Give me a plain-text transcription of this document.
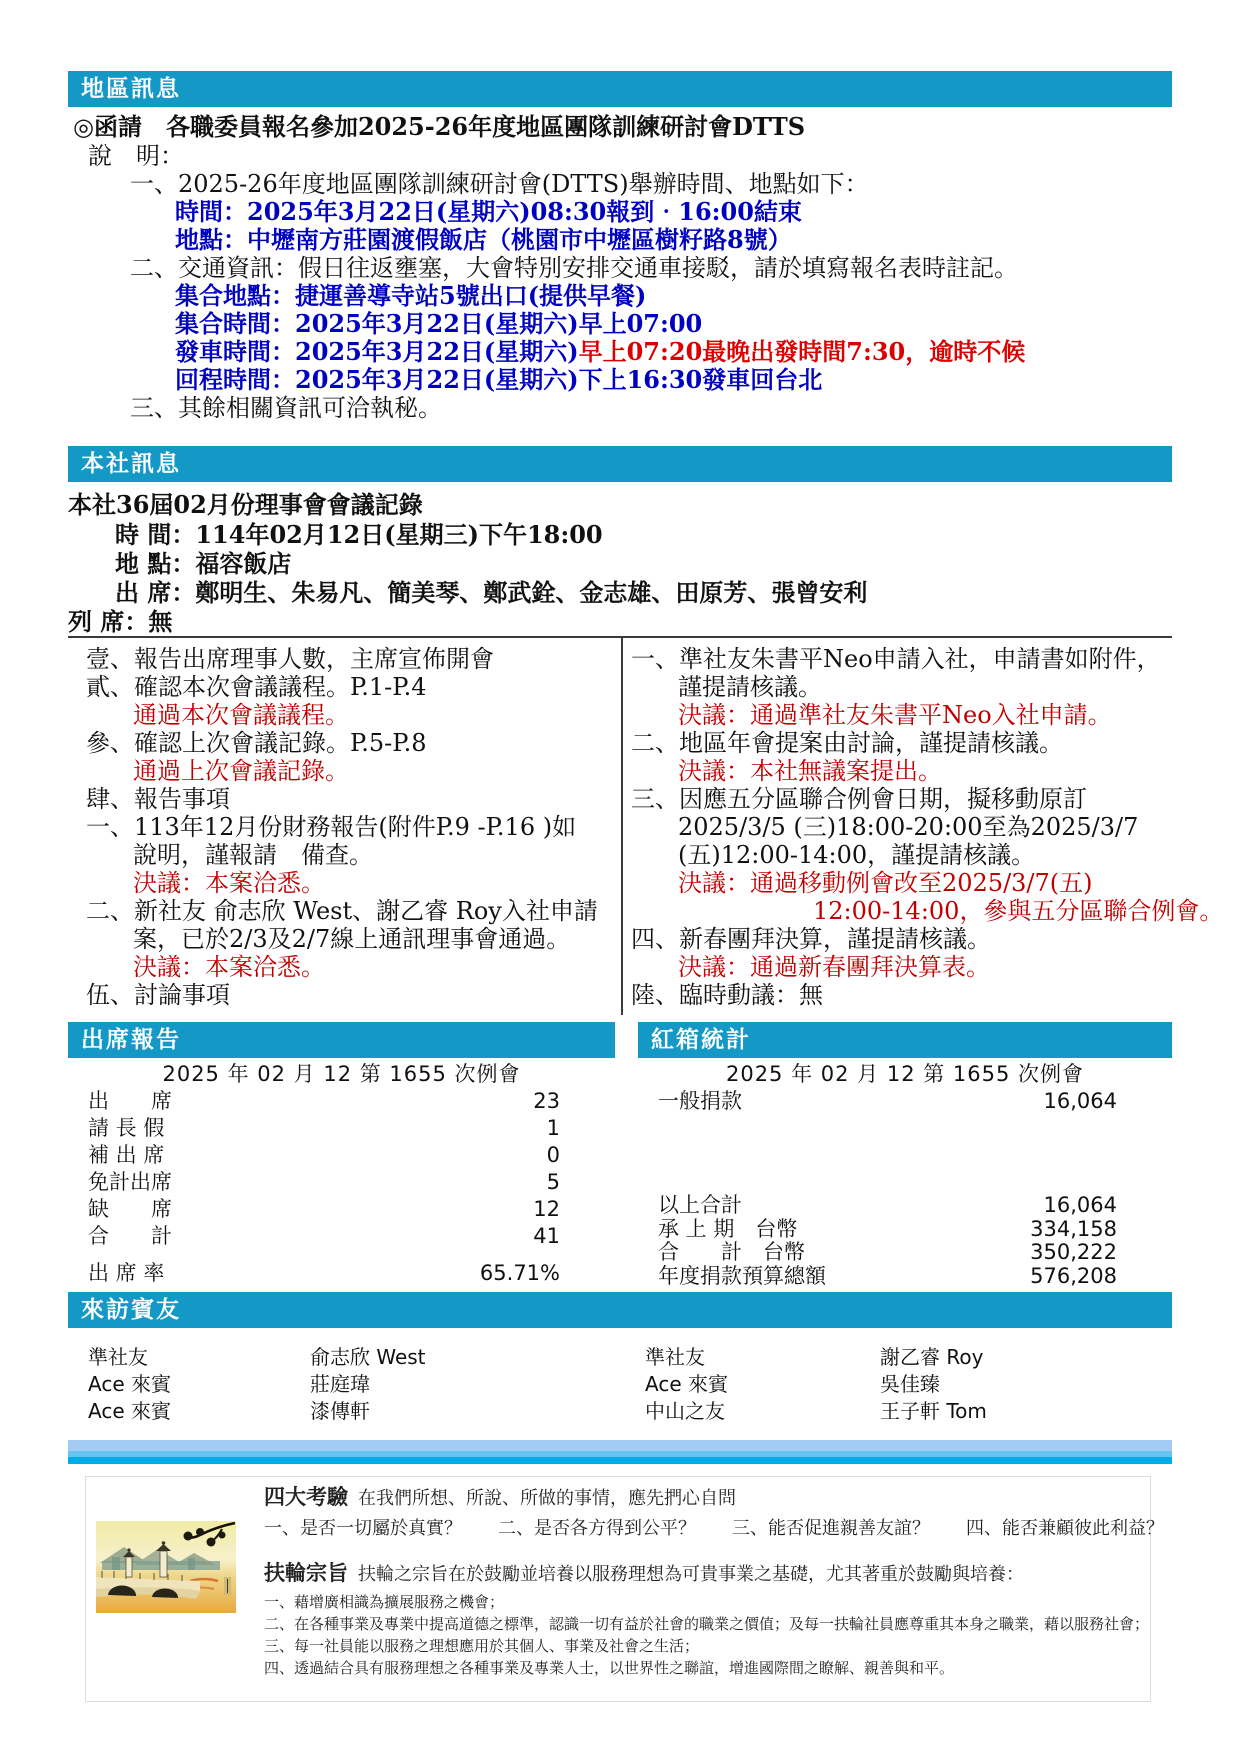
地區訊息
◎函請　各職委員報名參加2025-26年度地區團隊訓練研討會DTTS
說　明：
一、2025-26年度地區團隊訓練研討會(DTTS)舉辦時間、地點如下：
時間：2025年3月22日(星期六)08:30報到‧16:00結束
地點：中壢南方莊園渡假飯店（桃園市中壢區樹籽路8號）
二、交通資訊：假日往返壅塞，大會特別安排交通車接駁，請於填寫報名表時註記。
集合地點：捷運善導寺站5號出口(提供早餐)
集合時間：2025年3月22日(星期六)早上07:00
發車時間：2025年3月22日(星期六)早上07:20最晚出發時間7:30，逾時不候
回程時間：2025年3月22日(星期六)下上16:30發車回台北
三、其餘相關資訊可洽執秘。
本社訊息
本社36屆02月份理事會會議記錄
時 間：114年02月12日(星期三)下午18:00
地 點：福容飯店
出 席：鄭明生、朱易凡、簡美琴、鄭武銓、金志雄、田原芳、張曾安利
列 席：無
壹、報告出席理事人數，主席宣佈開會
貳、確認本次會議議程。P.1-P.4
通過本次會議議程。
參、確認上次會議記錄。P.5-P.8
通過上次會議記錄。
肆、報告事項
一、113年12月份財務報告(附件P.9 -P.16 )如
說明，謹報請　備查。
決議：本案洽悉。
二、新社友 俞志欣 West、謝乙睿 Roy入社申請
案，已於2/3及2/7線上通訊理事會通過。
決議：本案洽悉。
伍、討論事項
一、準社友朱書平Neo申請入社，申請書如附件，
謹提請核議。
決議：通過準社友朱書平Neo入社申請。
二、地區年會提案由討論，謹提請核議。
決議：本社無議案提出。
三、因應五分區聯合例會日期，擬移動原訂
2025/3/5 (三)18:00-20:00至為2025/3/7
(五)12:00-14:00，謹提請核議。
決議：通過移動例會改至2025/3/7(五)
12:00-14:00，參與五分區聯合例會。
四、新春團拜決算，謹提請核議。
決議：通過新春團拜決算表。
陸、臨時動議：無
出席報告
2025 年 02 月 12 第 1655 次例會
出　　席	23
請 長 假	1
補 出 席	0
免計出席	5
缺　　席	12
合　　計	41
出 席 率	65.71%
紅箱統計
2025 年 02 月 12 第 1655 次例會
一般捐款	16,064
以上合計	16,064
承 上 期　台幣	334,158
合　　計　台幣	350,222
年度捐款預算總額	576,208
來訪賓友
準社友	俞志欣 West	準社友	謝乙睿 Roy
Ace 來賓	莊庭瑋	Ace 來賓	吳佳臻
Ace 來賓	漆傳軒	中山之友	王子軒 Tom
四大考驗 在我們所想、所說、所做的事情，應先捫心自問
一、是否一切屬於真實？　　二、是否各方得到公平？　　三、能否促進親善友誼？　　四、能否兼顧彼此利益？
扶輪宗旨 扶輪之宗旨在於鼓勵並培養以服務理想為可貴事業之基礎，尤其著重於鼓勵與培養：
一、藉增廣相識為擴展服務之機會；
二、在各種事業及專業中提高道德之標準，認識一切有益於社會的職業之價值；及每一扶輪社員應尊重其本身之職業，藉以服務社會；
三、每一社員能以服務之理想應用於其個人、事業及社會之生活；
四、透過結合具有服務理想之各種事業及專業人士，以世界性之聯誼，增進國際間之瞭解、親善與和平。
